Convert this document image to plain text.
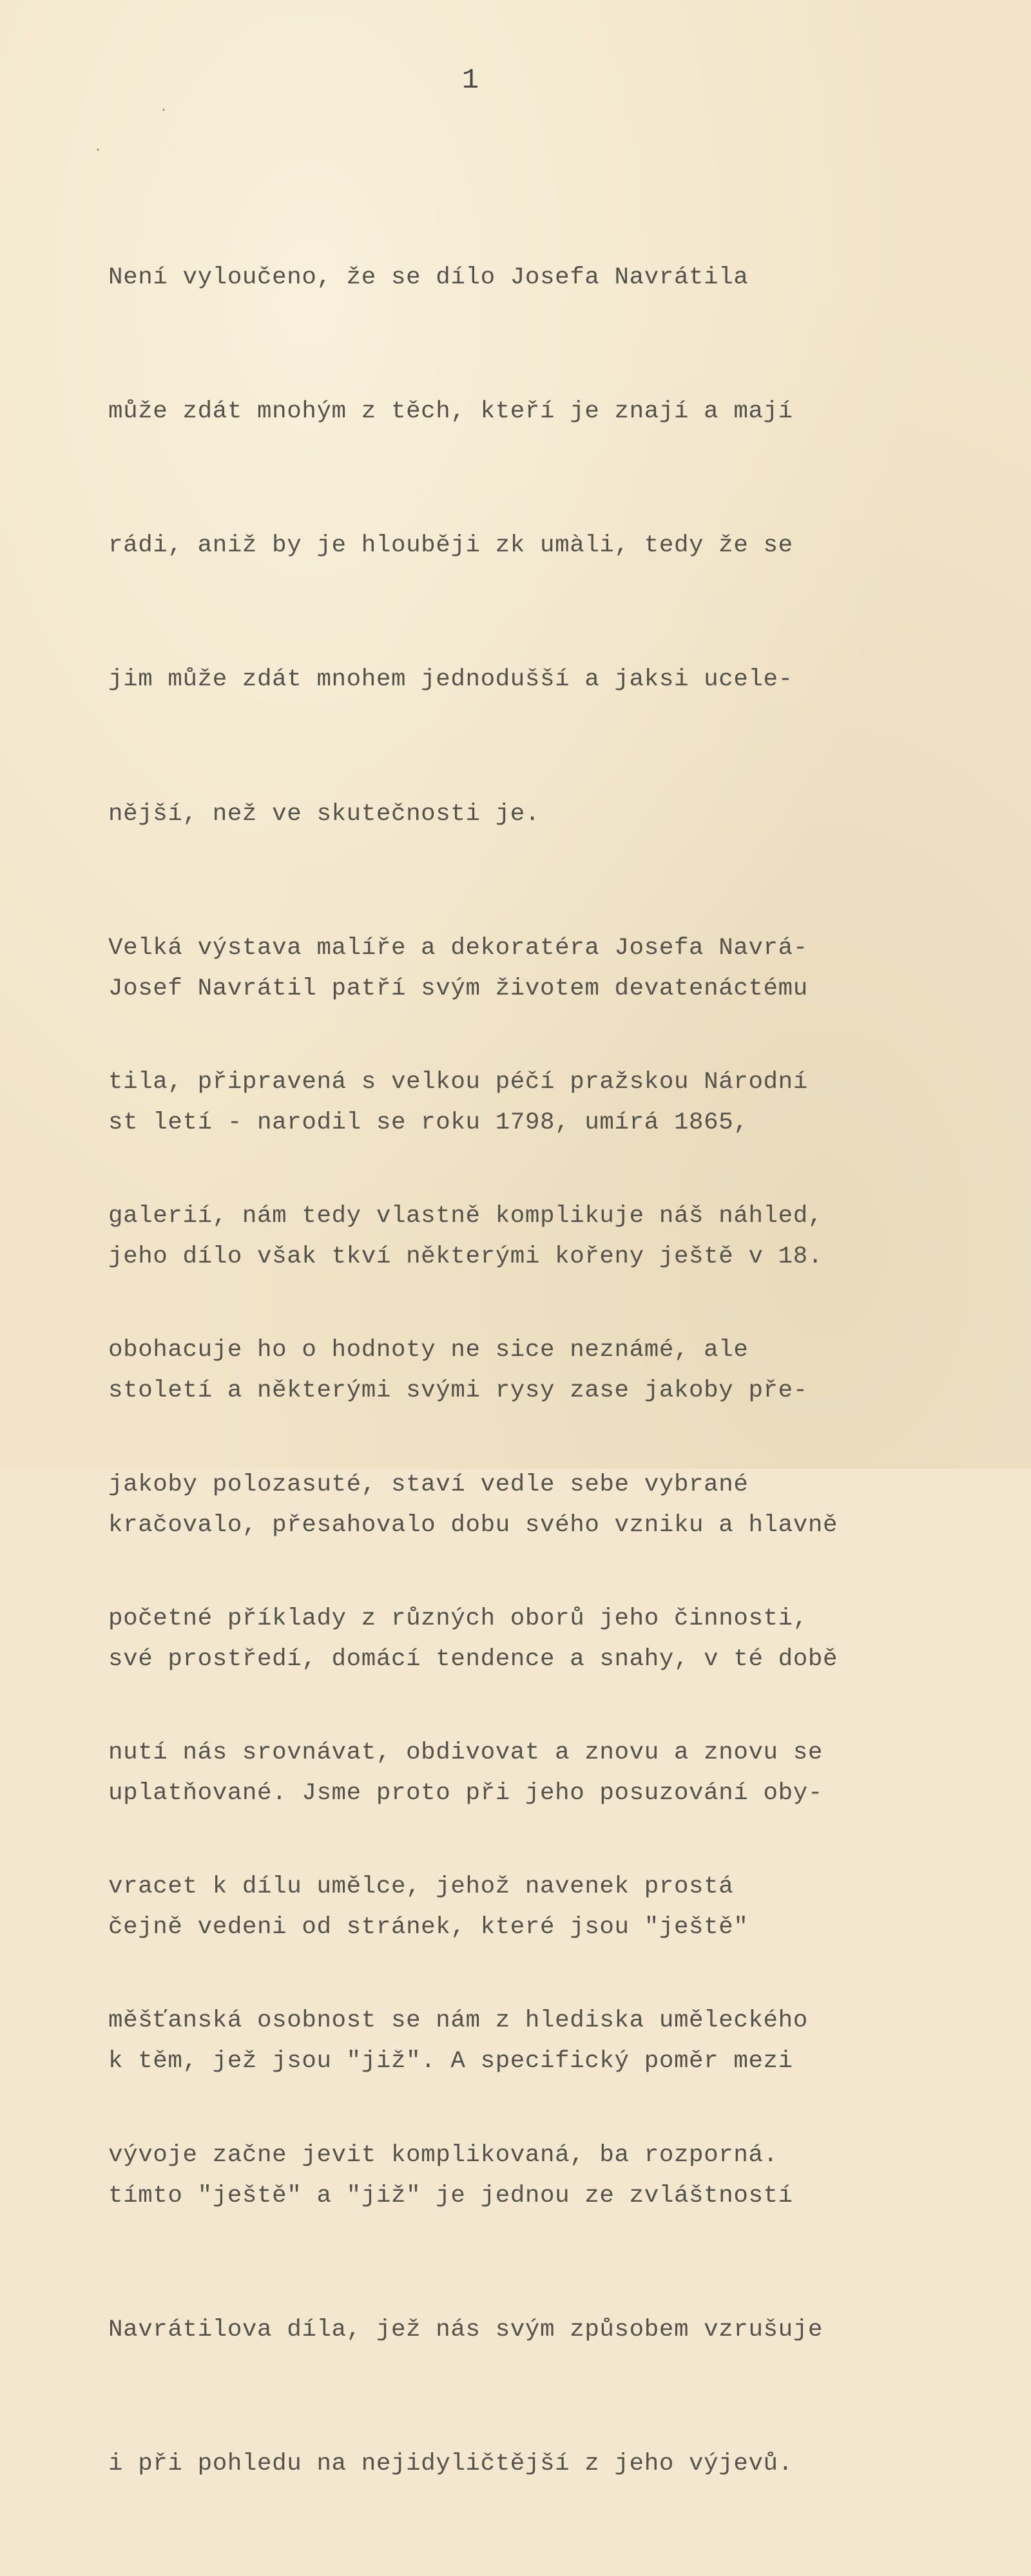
1
·
·

Není vyloučeno, že se dílo Josefa Navrátila

může zdát mnohým z těch, kteří je znají a mají

rádi, aniž by je hlouběji zk umàli, tedy že se

jim může zdát mnohem jednodušší a jaksi ucele-

nější, než ve skutečnosti je.

Velká výstava malíře a dekoratéra Josefa Navrá-

tila, připravená s velkou péčí pražskou Národní

galerií, nám tedy vlastně komplikuje náš náhled,

obohacuje ho o hodnoty ne sice neznámé, ale

jakoby polozasuté, staví vedle sebe vybrané

početné příklady z různých oborů jeho činnosti,

nutí nás srovnávat, obdivovat a znovu a znovu se

vracet k dílu umělce, jehož navenek prostá

měšťanská osobnost se nám z hlediska uměleckého

vývoje začne jevit komplikovaná, ba rozporná.

Josef Navrátil patří svým životem devatenáctému

st letí - narodil se roku 1798, umírá 1865,

jeho dílo však tkví některými kořeny ještě v 18.

století a některými svými rysy zase jakoby pře-

kračovalo, přesahovalo dobu svého vzniku a hlavně

své prostředí, domácí tendence a snahy, v té době

uplatňované. Jsme proto při jeho posuzování oby-

čejně vedeni od stránek, které jsou "ještě"

k těm, jež jsou "již". A specifický poměr mezi

tímto "ještě" a "již" je jednou ze zvláštností

Navrátilova díla, jež nás svým způsobem vzrušuje

i při pohledu na nejidyličtější z jeho výjevů.
